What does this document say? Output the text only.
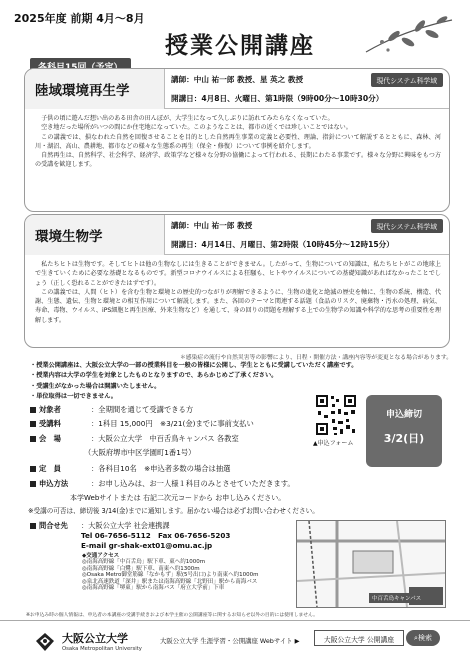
2025年度 前期 4月～8月
授業公開講座
陸域環境再生学
講師：中山 祐一郎 教授、星 英之 教授
開講日：4月8日、火曜日、第1時限（9時00分～10時30分）
現代システム科学域

子供の頃に遊んだ想い出のある田舎の田んぼが、大学生になって久しぶりに訪れてみたらなくなっていた。

空き地だった場所がいつの間にか住宅地になっていた。このようなことは、都市の近くでは珍しいことではない。

この講義では、損なわれた自然を回復させることを目的とした自然再生事業の定義と必要性、理論、指針について解説するとともに、森林、河川・湖沼、高山、農耕地、都市などの様々な生態系の再生（保全・修復）について事例を紹介します。

自然再生は、自然科学、社会科学、経済学、政策学など様々な分野の協働によって行われる、長期にわたる事業です。様々な分野に興味をもつ方の受講を歓迎します。

環境生物学
講師：中山 祐一郎 教授
開講日：4月14日、月曜日、第2時限（10時45分～12時15分）
現代システム科学域

私たちヒトは生物です。そしてヒトは他の生物なしには生きることができません。したがって、生物についての知識は、私たちヒトがこの地球上で生きていくために必要な基礎となるものです。新型コロナウイルスによる狂騒も、ヒトやウイルスについての基礎知識があればなかったことでしょう（正しく恐れることができたはずです）。

この講義では、人間（ヒト）を含む生物と環境との歴史的つながりが理解できるように、生物の進化と絶滅の歴史を軸に、生物の系統、構造、代謝、生態、遺伝、生物と環境との相互作用について解説します。また、各回のテーマと関連する話題（食品のリスク、廃棄物・汚水の処理、病気、寿命、毒物、ウイルス、iPS細胞と再生医療、外来生物など）を通して、身の回りの問題を理解する上での生物学の知識や科学的な思考の重要性を理解します。

＊感染症の流行や自然災害等の影響により、日程・開催方法・講座内容等が変更となる場合があります。
・ 授業公開講座は、大阪公立大学の一部の授業科目を一般の皆様に公開し、学生とともに受講していただく講座です。
・ 授業内容は大学の学生を対象としたものとなりますので、あらかじめご了承ください。
・ 受講生がなかった場合は開講いたしません。
・ 単位取得は一切できません。
対象者	：全期間を通じて受講できる方
受講料	：1科目 15,000円　※3/21(金)までに事前支払い
会　場	：大阪公立大学　中百舌鳥キャンパス 各教室
（大阪府堺市中区学園町1番1号）
定　員	：各科目10名　※申込者多数の場合は抽選
申込方法	：お申し込みは、お一人様１科目のみとさせていただきます。
▲申込フォーム
申込締切
3/2(日)
本学Webサイトまたは 右記二次元コードから お申し込みください。
※受講の可否は、締切後 3/14(金)までに通知します。届かない場合は必ずお問い合わせください。
問合せ先 ：大阪公立大学 社会連携課
Tel 06-7656-5112　Fax 06-7656-5203
E-mail gr-shak-ext01@omu.ac.jp
◆交通アクセス
◎南海高野線「中百舌鳥」駅下車、東へ約1000m
◎南海高野線「白鷺」駅下車、南東へ約1300m
◎Osaka Metro御堂筋線「なかもず」駅(5号出口)より南東へ約1000m
◎泉北高速鉄道「深井」駅または南海高野線「北野田」駅から南海バス
◎南海高野線「堺東」駅から南海バス「府立大学前」下車
中百舌鳥キャンパス
※お申込み時の個人情報は、申込者の本講座の受講手続きおよび本学主催の公開講座等に関するお知らせ以外の目的には使用しません。
大阪公立大学
Osaka Metropolitan University
大阪公立大学 生涯学習・公開講座 Webサイト ▶	大阪公立大学 公開講座	⌕検索
